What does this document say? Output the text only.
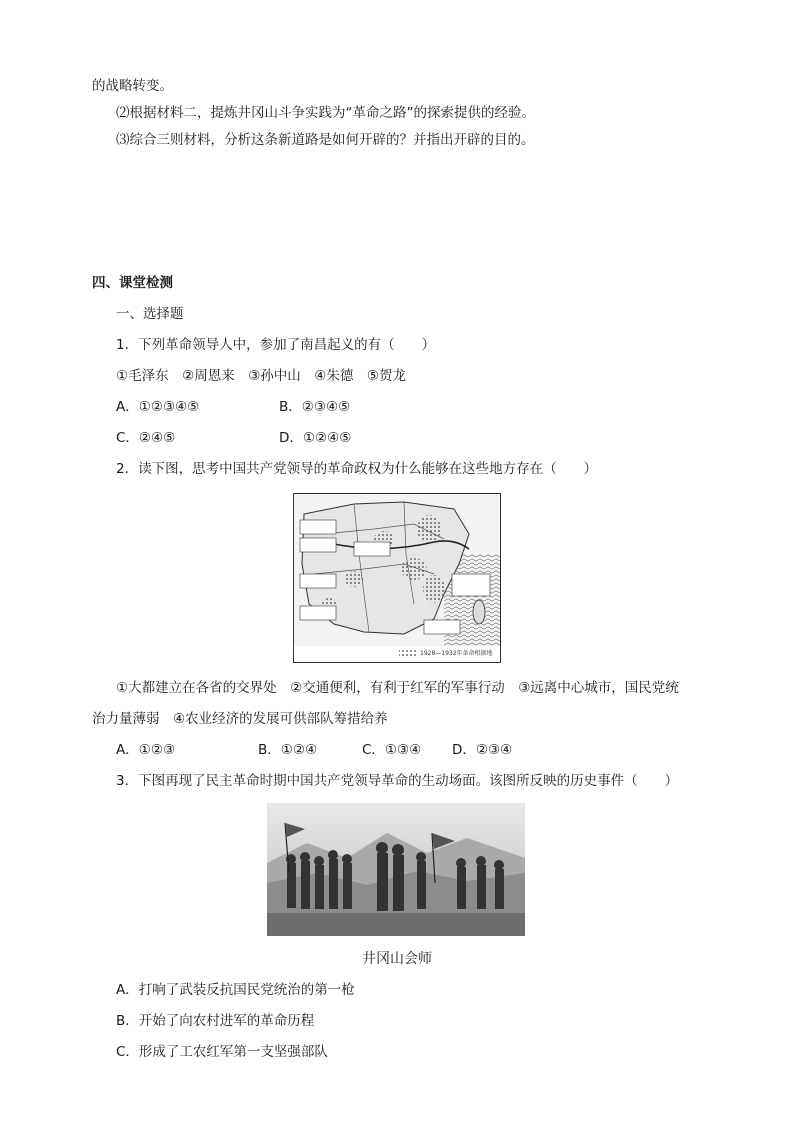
的战略转变。
⑵根据材料二，提炼井冈山斗争实践为“革命之路”的探索提供的经验。
⑶综合三则材料，分析这条新道路是如何开辟的？并指出开辟的目的。
四、课堂检测
一、选择题
1．下列革命领导人中，参加了南昌起义的有（　　）
①毛泽东　②周恩来　③孙中山　④朱德　⑤贺龙
A．①②③④⑤	B．②③④⑤
C．②④⑤	D．①②④⑤
2．读下图，思考中国共产党领导的革命政权为什么能够在这些地方存在（　　）
1928—1932年革命根据地
①大都建立在各省的交界处　②交通便利，有利于红军的军事行动　③远离中心城市，国民党统
治力量薄弱　④农业经济的发展可供部队筹措给养
A．①②③	B．①②④	C．①③④ D．②③④
3．下图再现了民主革命时期中国共产党领导革命的生动场面。该图所反映的历史事件（　　）
井冈山会师
A．打响了武装反抗国民党统治的第一枪
B．开始了向农村进军的革命历程
C．形成了工农红军第一支坚强部队
